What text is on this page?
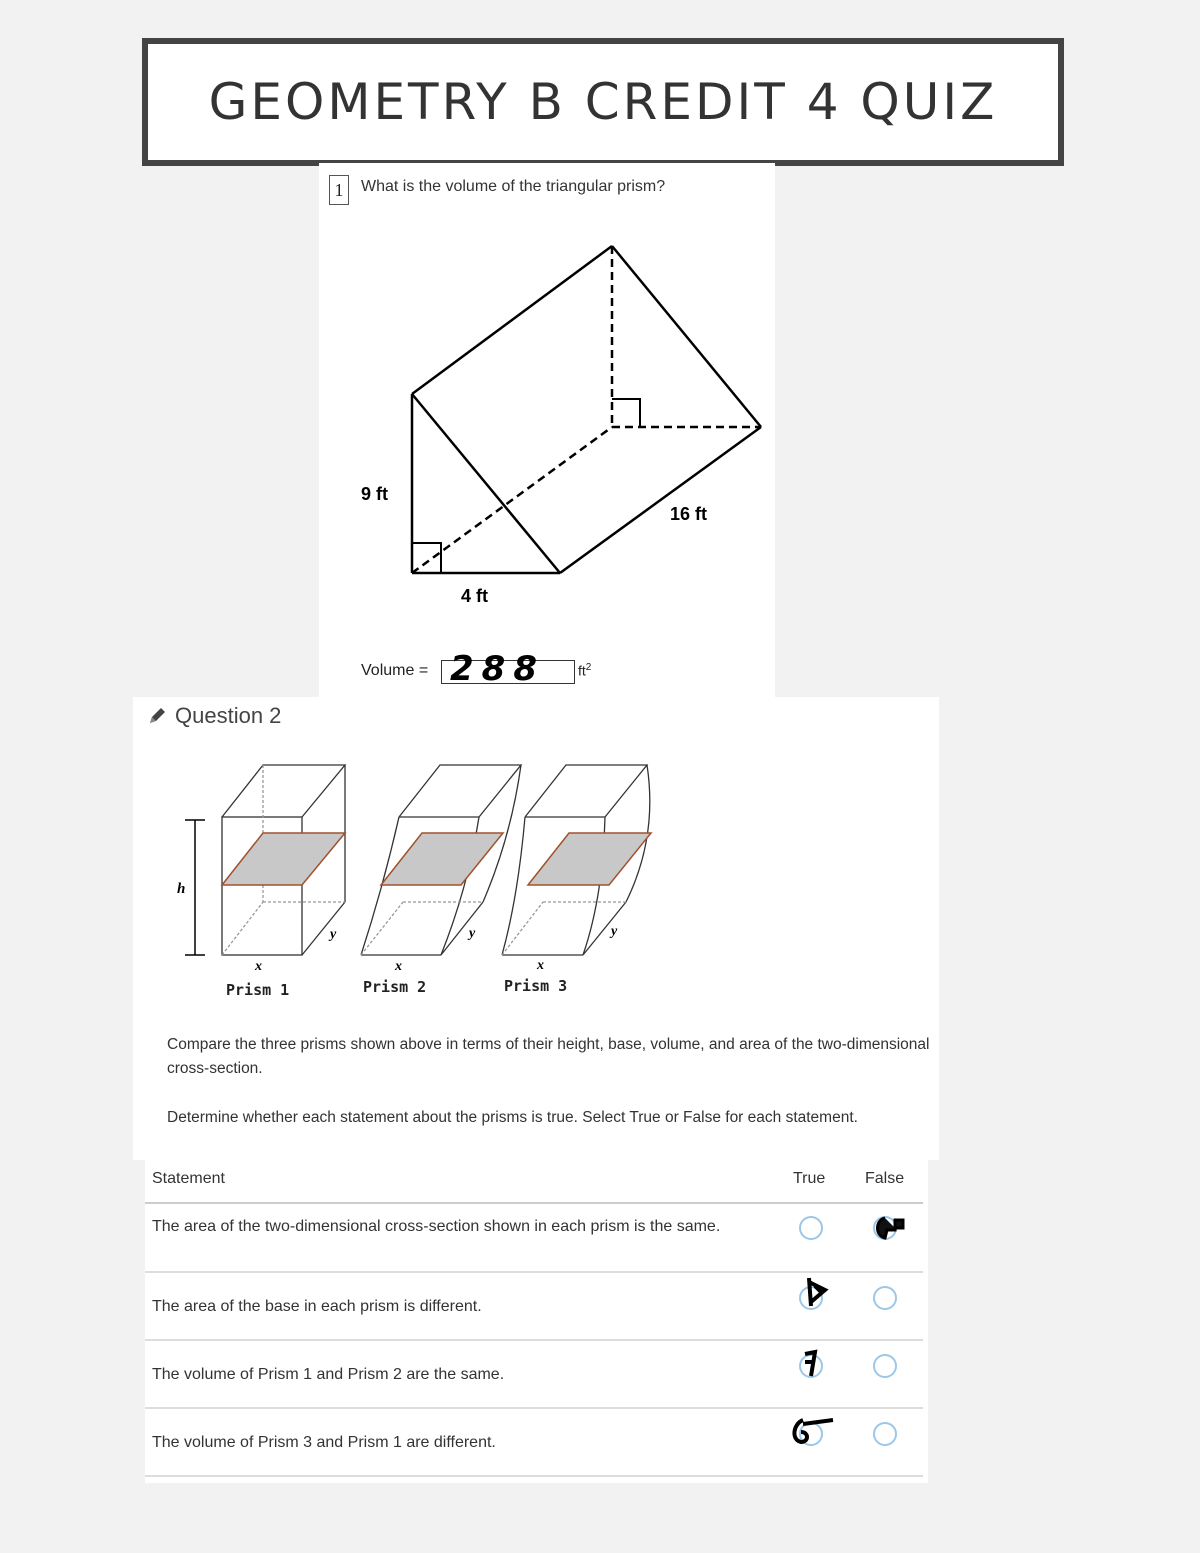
GEOMETRY B CREDIT 4 QUIZ
9 ft
4 ft
16 ft
1	What is the volume of the triangular prism?
Volume = 288 $ft^2$
Question 2
h
x
y
x
y
x
y
Prism 1	Prism 2	Prism 3
Compare the three prisms shown above in terms of their height, base, volume, and area of the two-dimensional cross-section.
Determine whether each statement about the prisms is true. Select True or False for each statement.
Statement	True False
The area of the two-dimensional cross-section shown in each prism is the same.
The area of the base in each prism is different.
The volume of Prism 1 and Prism 2 are the same.
The volume of Prism 3 and Prism 1 are different.
